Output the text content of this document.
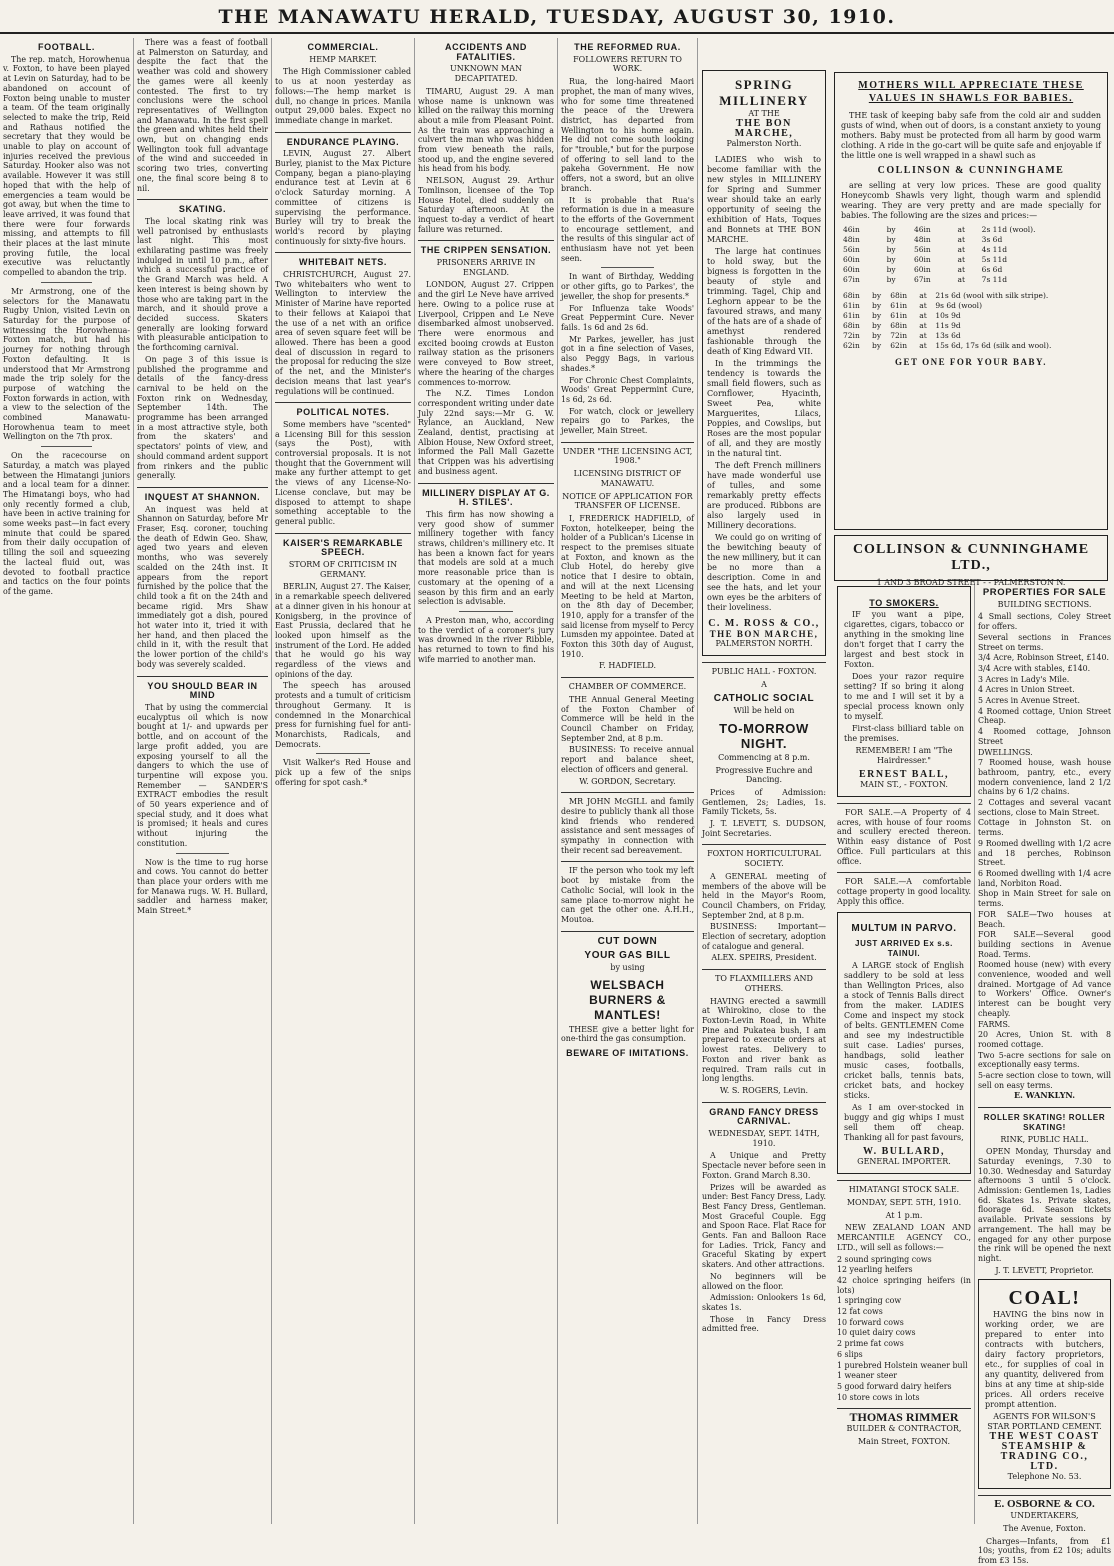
THE MANAWATU HERALD, TUESDAY, AUGUST 30, 1910.
FOOTBALL.

The rep. match, Horowhenua v. Foxton, to have been played at Levin on Saturday, had to be abandoned on account of Foxton being unable to muster a team. Of the team originally selected to make the trip, Reid and Rathaus notified the secretary that they would be unable to play on account of injuries received the previous Saturday. Hooker also was not available. However it was still hoped that with the help of emergencies a team would be got away, but when the time to leave arrived, it was found that there were four forwards missing, and attempts to fill their places at the last minute proving futile, the local executive was reluctantly compelled to abandon the trip.

Mr Armstrong, one of the selectors for the Manawatu Rugby Union, visited Levin on Saturday for the purpose of witnessing the Horowhenua-Foxton match, but had his journey for nothing through Foxton defaulting. It is understood that Mr Armstrong made the trip solely for the purpose of watching the Foxton forwards in action, with a view to the selection of the combined Manawatu-Horowhenua team to meet Wellington on the 7th prox.

On the racecourse on Saturday, a match was played between the Himatangi juniors and a local team for a dinner. The Himatangi boys, who had only recently formed a club, have been in active training for some weeks past—in fact every minute that could be spared from their daily occupation of tilling the soil and squeezing the lacteal fluid out, was devoted to football practice and tactics on the four points of the game.

There was a feast of football at Palmerston on Saturday, and despite the fact that the weather was cold and showery the games were all keenly contested. The first to try conclusions were the school representatives of Wellington and Manawatu. In the first spell the green and whites held their own, but on changing ends Wellington took full advantage of the wind and succeeded in scoring two tries, converting one, the final score being 8 to nil.

SKATING.

The local skating rink was well patronised by enthusiasts last night. This most exhilarating pastime was freely indulged in until 10 p.m., after which a successful practice of the Grand March was held. A keen interest is being shown by those who are taking part in the march, and it should prove a decided success. Skaters generally are looking forward with pleasurable anticipation to the forthcoming carnival.

On page 3 of this issue is published the programme and details of the fancy-dress carnival to be held on the Foxton rink on Wednesday, September 14th. The programme has been arranged in a most attractive style, both from the skaters' and spectators' points of view, and should command ardent support from rinkers and the public generally.

INQUEST AT SHANNON.

An inquest was held at Shannon on Saturday, before Mr Fraser, Esq. coroner, touching the death of Edwin Geo. Shaw, aged two years and eleven months, who was severely scalded on the 24th inst. It appears from the report furnished by the police that the child took a fit on the 24th and became rigid. Mrs Shaw immediately got a dish, poured hot water into it, tried it with her hand, and then placed the child in it, with the result that the lower portion of the child's body was severely scalded.

YOU SHOULD BEAR IN MIND

That by using the commercial eucalyptus oil which is now bought at 1/- and upwards per bottle, and on account of the large profit added, you are exposing yourself to all the dangers to which the use of turpentine will expose you. Remember — SANDER'S EXTRACT embodies the result of 50 years experience and of special study, and it does what is promised; it heals and cures without injuring the constitution.

Now is the time to rug horse and cows. You cannot do better than place your orders with me for Manawa rugs. W. H. Bullard, saddler and harness maker, Main Street.*

COMMERCIAL.
HEMP MARKET.

The High Commissioner cabled to us at noon yesterday as follows:—The hemp market is dull, no change in prices. Manila output 29,000 bales. Expect no immediate change in market.

ENDURANCE PLAYING.

LEVIN, August 27. Albert Burley, pianist to the Max Picture Company, began a piano-playing endurance test at Levin at 6 o'clock Saturday morning. A committee of citizens is supervising the performance. Burley will try to break the world's record by playing continuously for sixty-five hours.

WHITEBAIT NETS.

CHRISTCHURCH, August 27. Two whitebaiters who went to Wellington to interview the Minister of Marine have reported to their fellows at Kaiapoi that the use of a net with an orifice area of seven square feet will be allowed. There has been a good deal of discussion in regard to the proposal for reducing the size of the net, and the Minister's decision means that last year's regulations will be continued.

POLITICAL NOTES.

Some members have "scented" a Licensing Bill for this session (says the Post), with controversial proposals. It is not thought that the Government will make any further attempt to get the views of any License-No-License conclave, but may be disposed to attempt to shape something acceptable to the general public.

KAISER'S REMARKABLE SPEECH.
STORM OF CRITICISM IN GERMANY.

BERLIN, August 27. The Kaiser, in a remarkable speech delivered at a dinner given in his honour at Konigsberg, in the province of East Prussia, declared that he looked upon himself as the instrument of the Lord. He added that he would go his way regardless of the views and opinions of the day.

The speech has aroused protests and a tumult of criticism throughout Germany. It is condemned in the Monarchical press for furnishing fuel for anti-Monarchists, Radicals, and Democrats.

Visit Walker's Red House and pick up a few of the snips offering for spot cash.*

ACCIDENTS AND FATALITIES.
UNKNOWN MAN DECAPITATED.

TIMARU, August 29. A man whose name is unknown was killed on the railway this morning about a mile from Pleasant Point. As the train was approaching a culvert the man who was hidden from view beneath the rails, stood up, and the engine severed his head from his body.

NELSON, August 29. Arthur Tomlinson, licensee of the Top House Hotel, died suddenly on Saturday afternoon. At the inquest to-day a verdict of heart failure was returned.

THE CRIPPEN SENSATION.
PRISONERS ARRIVE IN ENGLAND.

LONDON, August 27. Crippen and the girl Le Neve have arrived here. Owing to a police ruse at Liverpool, Crippen and Le Neve disembarked almost unobserved. There were enormous and excited booing crowds at Euston railway station as the prisoners were conveyed to Bow street, where the hearing of the charges commences to-morrow.

The N.Z. Times London correspondent writing under date July 22nd says:—Mr G. W. Rylance, an Auckland, New Zealand, dentist, practising at Albion House, New Oxford street, informed the Pall Mall Gazette that Crippen was his advertising and business agent.

MILLINERY DISPLAY AT G. H. STILES'.

This firm has now showing a very good show of summer millinery together with fancy straws, children's millinery etc. It has been a known fact for years that models are sold at a much more reasonable price than is customary at the opening of a season by this firm and an early selection is advisable.

A Preston man, who, according to the verdict of a coroner's jury was drowned in the river Ribble, has returned to town to find his wife married to another man.

THE REFORMED RUA.
FOLLOWERS RETURN TO WORK.

Rua, the long-haired Maori prophet, the man of many wives, who for some time threatened the peace of the Urewera district, has departed from Wellington to his home again. He did not come south looking for "trouble," but for the purpose of offering to sell land to the pakeha Government. He now offers, not a sword, but an olive branch.

It is probable that Rua's reformation is due in a measure to the efforts of the Government to encourage settlement, and the results of this singular act of enthusiasm have not yet been seen.

In want of Birthday, Wedding or other gifts, go to Parkes', the jeweller, the shop for presents.*

For Influenza take Woods' Great Peppermint Cure. Never fails. 1s 6d and 2s 6d.

Mr Parkes, jeweller, has just got in a fine selection of Vases, also Peggy Bags, in various shades.*

For Chronic Chest Complaints, Woods' Great Peppermint Cure, 1s 6d, 2s 6d.

For watch, clock or jewellery repairs go to Parkes, the jeweller, Main Street.

UNDER "THE LICENSING ACT, 1908."
LICENSING DISTRICT OF MANAWATU.
NOTICE OF APPLICATION FOR TRANSFER OF LICENSE.

I, FREDERICK HADFIELD, of Foxton, hotelkeeper, being the holder of a Publican's License in respect to the premises situate at Foxton, and known as the Club Hotel, do hereby give notice that I desire to obtain, and will at the next Licensing Meeting to be held at Marton, on the 8th day of December, 1910, apply for a transfer of the said license from myself to Percy Lumsden my appointee. Dated at Foxton this 30th day of August, 1910.

F. HADFIELD.
CHAMBER OF COMMERCE.

THE Annual General Meeting of the Foxton Chamber of Commerce will be held in the Council Chamber on Friday, September 2nd, at 8 p.m.

BUSINESS: To receive annual report and balance sheet, election of officers and general.

W. GORDON, Secretary.

MR JOHN McGILL and family desire to publicly thank all those kind friends who rendered assistance and sent messages of sympathy in connection with their recent sad bereavement.

IF the person who took my left boot by mistake from the Catholic Social, will look in the same place to-morrow night he can get the other one. A.H.H., Moutoa.

CUT DOWN
YOUR GAS BILL
by using
WELSBACH BURNERS & MANTLES!

THESE give a better light for one-third the gas consumption.

BEWARE OF IMITATIONS.
SPRING MILLINERY
AT THE
THE BON MARCHE,
Palmerston North.

LADIES who wish to become familiar with the new styles in MILLINERY for Spring and Summer wear should take an early opportunity of seeing the exhibition of Hats, Toques and Bonnets at THE BON MARCHE.

The large hat continues to hold sway, but the bigness is forgotten in the beauty of style and trimming. Tagel, Chip and Leghorn appear to be the favoured straws, and many of the hats are of a shade of amethyst rendered fashionable through the death of King Edward VII.

In the trimmings the tendency is towards the small field flowers, such as Cornflower, Hyacinth, Sweet Pea, white Marguerites, Lilacs, Poppies, and Cowslips, but Roses are the most popular of all, and they are mostly in the natural tint.

The deft French milliners have made wonderful use of tulles, and some remarkably pretty effects are produced. Ribbons are also largely used in Millinery decorations.

We could go on writing of the bewitching beauty of the new millinery, but it can be no more than a description. Come in and see the hats, and let your own eyes be the arbiters of their loveliness.

C. M. ROSS & CO.,
THE BON MARCHE,
PALMERSTON NORTH.
PUBLIC HALL - FOXTON.
A
CATHOLIC SOCIAL
Will be held on
TO-MORROW NIGHT.
Commencing at 8 p.m.
Progressive Euchre and Dancing.

Prices of Admission: Gentlemen, 2s; Ladies, 1s. Family Tickets, 5s.

J. T. LEVETT, S. DUDSON, Joint Secretaries.

FOXTON HORTICULTURAL SOCIETY.

A GENERAL meeting of members of the above will be held in the Mayor's Room, Council Chambers, on Friday, September 2nd, at 8 p.m.

BUSINESS: Important—Election of secretary, adoption of catalogue and general.

ALEX. SPEIRS, President.
TO FLAXMILLERS AND OTHERS.

HAVING erected a sawmill at Whirokino, close to the Foxton-Levin Road, in White Pine and Pukatea bush, I am prepared to execute orders at lowest rates. Delivery to Foxton and river bank as required. Tram rails cut in long lengths.

W. S. ROGERS, Levin.
GRAND FANCY DRESS CARNIVAL.
WEDNESDAY, SEPT. 14TH, 1910.

A Unique and Pretty Spectacle never before seen in Foxton. Grand March 8.30.

Prizes will be awarded as under: Best Fancy Dress, Lady. Best Fancy Dress, Gentleman. Most Graceful Couple. Egg and Spoon Race. Flat Race for Gents. Fan and Balloon Race for Ladies. Trick, Fancy and Graceful Skating by expert skaters. And other attractions.

No beginners will be allowed on the floor.

Admission: Onlookers 1s 6d, skates 1s.

Those in Fancy Dress admitted free.

MOTHERS WILL APPRECIATE THESE VALUES IN SHAWLS FOR BABIES.

THE task of keeping baby safe from the cold air and sudden gusts of wind, when out of doors, is a constant anxiety to young mothers. Baby must be protected from all harm by good warm clothing. A ride in the go-cart will be quite safe and enjoyable if the little one is well wrapped in a shawl such as

COLLINSON & CUNNINGHAME

are selling at very low prices. These are good quality Honeycomb Shawls very light, though warm and splendid wearing. They are very pretty and are made specially for babies. The following are the sizes and prices:—

46in	by	46in	at	2s 11d (wool).
48in	by	48in	at	3s 6d
56in	by	56in	at	4s 11d
60in	by	60in	at	5s 11d
60in	by	60in	at	6s 6d
67in	by	67in	at	7s 11d
68in	by	68in	at	21s 6d (wool with silk stripe).
61in	by	61in	at	9s 6d (wool)
61in	by	61in	at	10s 9d
68in	by	68in	at	11s 9d
72in	by	72in	at	13s 6d
62in	by	62in	at	15s 6d, 17s 6d (silk and wool).
GET ONE FOR YOUR BABY.
TO SMOKERS.

IF you want a pipe, cigarettes, cigars, tobacco or anything in the smoking line don't forget that I carry the largest and best stock in Foxton.

Does your razor require setting? If so bring it along to me and I will set it by a special process known only to myself.

First-class billiard table on the premises.

REMEMBER! I am "The Hairdresser."
ERNEST BALL,
MAIN ST., - FOXTON.

FOR SALE.—A Property of 4 acres, with house of four rooms and scullery erected thereon. Within easy distance of Post Office. Full particulars at this office.

FOR SALE.—A comfortable cottage property in good locality. Apply this office.

MULTUM IN PARVO.
JUST ARRIVED Ex s.s. TAINUI.

A LARGE stock of English saddlery to be sold at less than Wellington Prices, also a stock of Tennis Balls direct from the maker. LADIES Come and inspect my stock of belts. GENTLEMEN Come and see my indestructible suit case. Ladies' purses, handbags, solid leather music cases, footballs, cricket balls, tennis bats, cricket bats, and hockey sticks.

As I am over-stocked in buggy and gig whips I must sell them off cheap. Thanking all for past favours,

W. BULLARD,
GENERAL IMPORTER.
HIMATANGI STOCK SALE.
MONDAY, SEPT. 5TH, 1910.
At 1 p.m.

NEW ZEALAND LOAN AND MERCANTILE AGENCY CO., LTD., will sell as follows:—

2 sound springing cows
12 yearling heifers
42 choice springing heifers (in lots)
1 springing cow
12 fat cows
10 forward cows
10 quiet dairy cows
2 prime fat cows
6 slips
1 purebred Holstein weaner bull
1 weaner steer
5 good forward dairy heifers
10 store cows in lots
THOMAS RIMMER
BUILDER & CONTRACTOR,
Main Street, FOXTON.
PROPERTIES FOR SALE
BUILDING SECTIONS.
4 Small sections, Coley Street for offers.
Several sections in Frances Street on terms.
3/4 Acre, Robinson Street, £140.
3/4 Acre with stables, £140.
3 Acres in Lady's Mile.
4 Acres in Union Street.
5 Acres in Avenue Street.
4 Roomed cottage, Union Street Cheap.
4 Roomed cottage, Johnson Street
DWELLINGS.
7 Roomed house, wash house bathroom, pantry, etc., every modern convenience, land 2 1/2 chains by 6 1/2 chains.
2 Cottages and several vacant sections, close to Main Street.
Cottage in Johnston St. on terms.
9 Roomed dwelling with 1/2 acre and 18 perches, Robinson Street.
6 Roomed dwelling with 1/4 acre land, Norbiton Road.
Shop in Main Street for sale on terms.
FOR SALE—Two houses at Beach.
FOR SALE—Several good building sections in Avenue Road. Terms.
Roomed house (new) with every convenience, wooded and well drained. Mortgage of Ad vance to Workers' Office. Owner's interest can be bought very cheaply.
FARMS.
20 Acres, Union St. with 8 roomed cottage.
Two 5-acre sections for sale on exceptionally easy terms.
5-acre section close to town, will sell on easy terms.
E. WANKLYN.
ROLLER SKATING! ROLLER SKATING!
RINK, PUBLIC HALL.

OPEN Monday, Thursday and Saturday evenings, 7.30 to 10.30. Wednesday and Saturday afternoons 3 until 5 o'clock. Admission: Gentlemen 1s, Ladies 6d. Skates 1s. Private skates, floorage 6d. Season tickets available. Private sessions by arrangement. The hall may be engaged for any other purpose the rink will be opened the next night.

J. T. LEVETT, Proprietor.
COAL!

HAVING the bins now in working order, we are prepared to enter into contracts with butchers, dairy factory proprietors, etc., for supplies of coal in any quantity, delivered from bins at any time at ship-side prices. All orders receive prompt attention.

AGENTS FOR WILSON'S STAR PORTLAND CEMENT.
THE WEST COAST STEAMSHIP & TRADING CO., LTD.
Telephone No. 53.
E. OSBORNE & CO.
UNDERTAKERS,
The Avenue, Foxton.

Charges—Infants, from £1 10s; youths, from £2 10s; adults from £3 15s.

COLLINSON & CUNNINGHAME LTD.,
1 AND 3 BROAD STREET - - PALMERSTON N.
